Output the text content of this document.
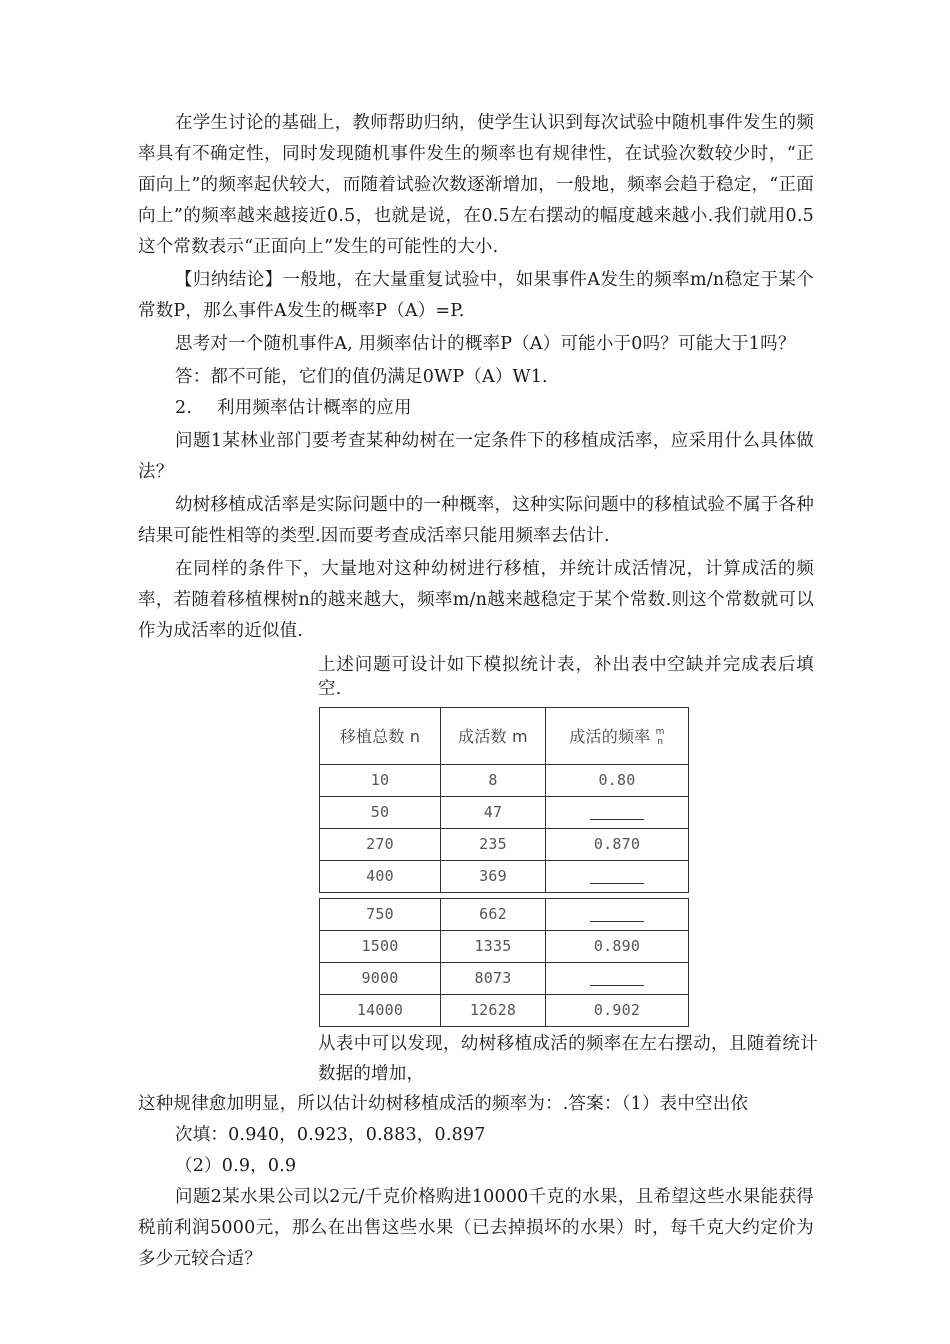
在学生讨论的基础上，教师帮助归纳，使学生认识到每次试验中随机事件发生的频率具有不确定性，同时发现随机事件发生的频率也有规律性，在试验次数较少时，“正面向上”的频率起伏较大，而随着试验次数逐渐增加，一般地，频率会趋于稳定，“正面向上”的频率越来越接近0.5，也就是说，在0.5左右摆动的幅度越来越小.我们就用0.5这个常数表示“正面向上”发生的可能性的大小.

【归纳结论】一般地，在大量重复试验中，如果事件A发生的频率m/n稳定于某个常数P，那么事件A发生的概率P（A）=P.

思考对一个随机事件A, 用频率估计的概率P（A）可能小于0吗？可能大于1吗？

答：都不可能，它们的值仍满足0WP（A）W1.

2. 利用频率估计概率的应用

问题1某林业部门要考查某种幼树在一定条件下的移植成活率，应采用什么具体做法？

幼树移植成活率是实际问题中的一种概率，这种实际问题中的移植试验不属于各种结果可能性相等的类型.因而要考查成活率只能用频率去估计.

在同样的条件下，大量地对这种幼树进行移植，并统计成活情况，计算成活的频率，若随着移植棵树n的越来越大，频率m/n越来越稳定于某个常数.则这个常数就可以作为成活率的近似值.

上述问题可设计如下模拟统计表，补出表中空缺并完成表后填空.

移植总数 n	成活数 m	成活的频率 m
n

10	8	0.80
50	47	
270	235	0.870
400	369	

750	662	
1500	1335	0.890
9000	8073	
14000	12628	0.902

从表中可以发现，幼树移植成活的频率在左右摆动，且随着统计数据的增加，

这种规律愈加明显，所以估计幼树移植成活的频率为：.答案：（1）表中空出依

次填：0.940，0.923，0.883，0.897

（2）0.9，0.9

问题2某水果公司以2元/千克价格购进10000千克的水果，且希望这些水果能获得税前利润5000元，那么在出售这些水果（已去掉损坏的水果）时，每千克大约定价为多少元较合适？
